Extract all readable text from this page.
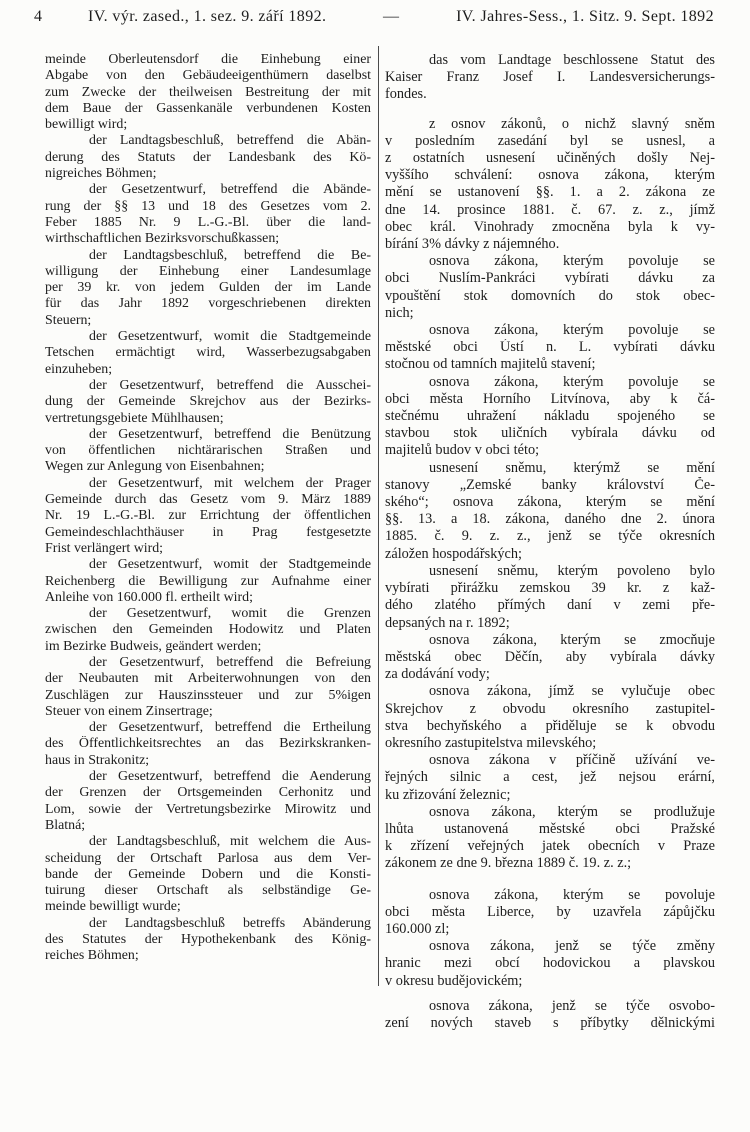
4	IV. výr. zased., 1. sez. 9. září 1892.	—	IV. Jahres-Sess., 1. Sitz. 9. Sept. 1892
meinde Oberleutensdorf die Einhebung einer
Abgabe von den Gebäudeeigenthümern daselbst
zum Zwecke der theilweisen Bestreitung der mit
dem Baue der Gassenkanäle verbundenen Kosten
bewilligt wird;
der Landtagsbeschluß, betreffend die Abän-
derung des Statuts der Landesbank des Kö-
nigreiches Böhmen;
der Gesetzentwurf, betreffend die Abände-
rung der §§ 13 und 18 des Gesetzes vom 2.
Feber 1885 Nr. 9 L.-G.-Bl. über die land-
wirthschaftlichen Bezirksvorschußkassen;
der Landtagsbeschluß, betreffend die Be-
willigung der Einhebung einer Landesumlage
per 39 kr. von jedem Gulden der im Lande
für das Jahr 1892 vorgeschriebenen direkten
Steuern;
der Gesetzentwurf, womit die Stadtgemeinde
Tetschen ermächtigt wird, Wasserbezugsabgaben
einzuheben;
der Gesetzentwurf, betreffend die Ausschei-
dung der Gemeinde Skrejchov aus der Bezirks-
vertretungsgebiete Mühlhausen;
der Gesetzentwurf, betreffend die Benützung
von öffentlichen nichtärarischen Straßen und
Wegen zur Anlegung von Eisenbahnen;
der Gesetzentwurf, mit welchem der Prager
Gemeinde durch das Gesetz vom 9. März 1889
Nr. 19 L.-G.-Bl. zur Errichtung der öffentlichen
Gemeindeschlachthäuser in Prag festgesetzte
Frist verlängert wird;
der Gesetzentwurf, womit der Stadtgemeinde
Reichenberg die Bewilligung zur Aufnahme einer
Anleihe von 160.000 fl. ertheilt wird;
der Gesetzentwurf, womit die Grenzen
zwischen den Gemeinden Hodowitz und Platen
im Bezirke Budweis, geändert werden;
der Gesetzentwurf, betreffend die Befreiung
der Neubauten mit Arbeiterwohnungen von den
Zuschlägen zur Hauszinssteuer und zur 5%igen
Steuer von einem Zinsertrage;
der Gesetzentwurf, betreffend die Ertheilung
des Öffentlichkeitsrechtes an das Bezirkskranken-
haus in Strakonitz;
der Gesetzentwurf, betreffend die Aenderung
der Grenzen der Ortsgemeinden Cerhonitz und
Lom, sowie der Vertretungsbezirke Mirowitz und
Blatná;
der Landtagsbeschluß, mit welchem die Aus-
scheidung der Ortschaft Parlosa aus dem Ver-
bande der Gemeinde Dobern und die Konsti-
tuirung dieser Ortschaft als selbständige Ge-
meinde bewilligt wurde;
der Landtagsbeschluß betreffs Abänderung
des Statutes der Hypothekenbank des König-
reiches Böhmen;
das vom Landtage beschlossene Statut des
Kaiser Franz Josef I. Landesversicherungs-
fondes.
z osnov zákonů, o nichž slavný sněm
v posledním zasedání byl se usnesl, a
z ostatních usnesení učiněných došly Nej-
vyššího schválení: osnova zákona, kterým
mění se ustanovení §§. 1. a 2. zákona ze
dne 14. prosince 1881. č. 67. z. z., jímž
obec král. Vinohrady zmocněna byla k vy-
bírání 3% dávky z nájemného.
osnova zákona, kterým povoluje se
obci Nuslím-Pankráci vybírati dávku za
vpouštění stok domovních do stok obec-
nich;
osnova zákona, kterým povoluje se
městské obci Ústí n. L. vybírati dávku
stočnou od tamních majitelů stavení;
osnova zákona, kterým povoluje se
obci města Horního Litvínova, aby k čá-
stečnému uhražení nákladu spojeného se
stavbou stok uličních vybírala dávku od
majitelů budov v obci této;
usnesení sněmu, kterýmž se mění
stanovy „Zemské banky království Če-
ského“; osnova zákona, kterým se mění
§§. 13. a 18. zákona, daného dne 2. února
1885. č. 9. z. z., jenž se týče okresních
záložen hospodářských;
usnesení sněmu, kterým povoleno bylo
vybírati přirážku zemskou 39 kr. z kaž-
dého zlatého přímých daní v zemi pře-
depsaných na r. 1892;
osnova zákona, kterým se zmocňuje
městská obec Děčín, aby vybírala dávky
za dodávání vody;
osnova zákona, jímž se vylučuje obec
Skrejchov z obvodu okresního zastupitel-
stva bechyňského a přiděluje se k obvodu
okresního zastupitelstva milevského;
osnova zákona v příčině užívání ve-
řejných silnic a cest, jež nejsou erární,
ku zřizování železnic;
osnova zákona, kterým se prodlužuje
lhůta ustanovená městské obci Pražské
k zřízení veřejných jatek obecních v Praze
zákonem ze dne 9. března 1889 č. 19. z. z.;
osnova zákona, kterým se povoluje
obci města Liberce, by uzavřela zápůjčku
160.000 zl;
osnova zákona, jenž se týče změny
hranic mezi obcí hodovickou a plavskou
v okresu budějovickém;
osnova zákona, jenž se týče osvobo-
zení nových staveb s příbytky dělnickými
